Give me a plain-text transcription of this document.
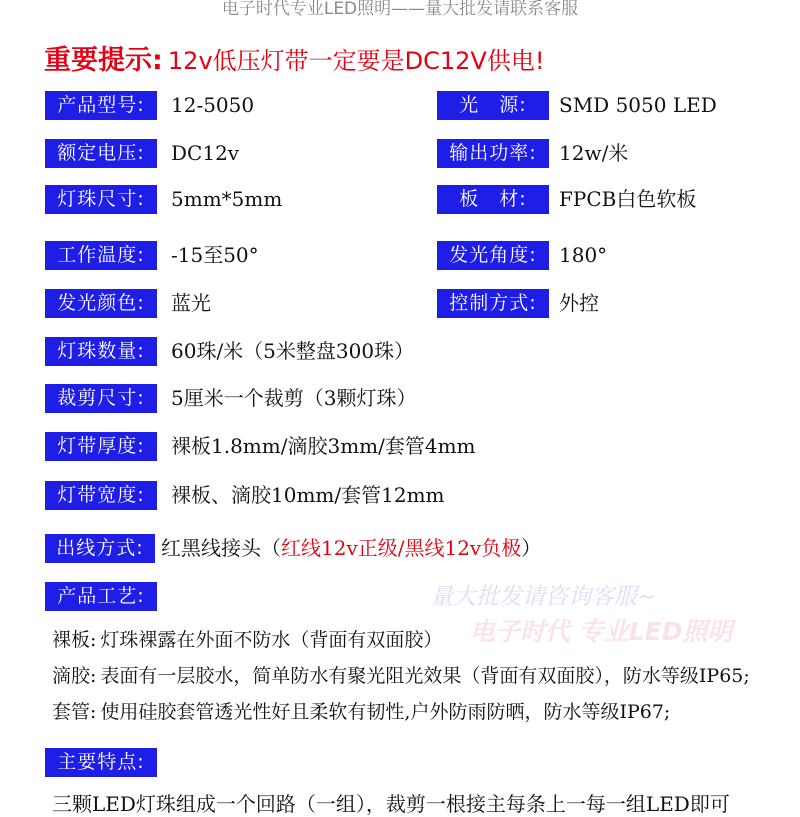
电子时代专业LED照明——量大批发请联系客服
重要提示: 12v低压灯带一定要是DC12V供电!
产品型号:	12-5050	光　源:	SMD 5050 LED
额定电压:	DC12v	输出功率:	12w/米
灯珠尺寸:	5mm*5mm	板　材:	FPCB白色软板
工作温度:	-15至50°	发光角度:	180°
发光颜色:	蓝光	控制方式:	外控
灯珠数量:	60珠/米（5米整盘300珠）
裁剪尺寸:	5厘米一个裁剪（3颗灯珠）
灯带厚度:	裸板1.8mm/滴胶3mm/套管4mm
灯带宽度:	裸板、滴胶10mm/套管12mm
出线方式: 红黑线接头（红线12v正级/黑线12v负极）
量大批发请咨询客服~
电子时代 专业LED照明
产品工艺:
裸板: 灯珠裸露在外面不防水（背面有双面胶）
滴胶: 表面有一层胶水，简单防水有聚光阻光效果（背面有双面胶），防水等级IP65;
套管: 使用硅胶套管透光性好且柔软有韧性,户外防雨防晒，防水等级IP67;
主要特点:
三颗LED灯珠组成一个回路（一组），裁剪一根接主每条上一每一组LED即可
